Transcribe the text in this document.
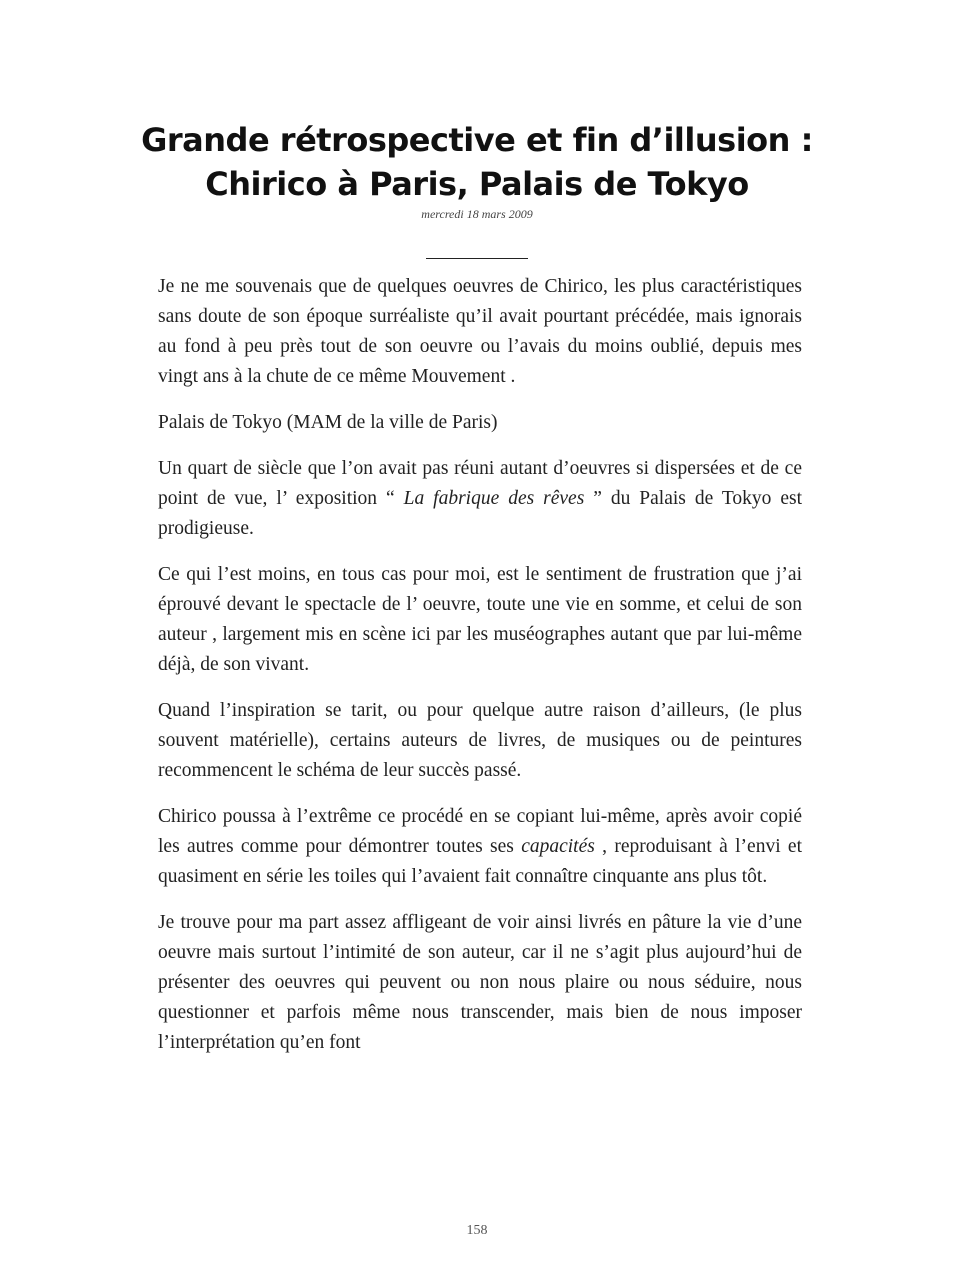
Grande rétrospective et fin d’illusion :
Chirico à Paris, Palais de Tokyo
mercredi 18 mars 2009

Je ne me souvenais que de quelques oeuvres de Chirico, les plus caractéristiques sans doute de son époque surréaliste qu’il avait pourtant précédée, mais ignorais au fond à peu près tout de son oeuvre ou l’avais du moins oublié, depuis mes vingt ans à la chute de ce même Mouvement .

Palais de Tokyo (MAM de la ville de Paris)

Un quart de siècle que l’on avait pas réuni autant d’oeuvres si dispersées et de ce point de vue, l’ exposition “ La fabrique des rêves ” du Palais de Tokyo est prodigieuse.

Ce qui l’est moins, en tous cas pour moi, est le sentiment de frustration que j’ai éprouvé devant le spectacle de l’ oeuvre, toute une vie en somme, et celui de son auteur , largement mis en scène ici par les muséographes autant que par lui-même déjà, de son vivant.

Quand l’inspiration se tarit, ou pour quelque autre raison d’ailleurs, (le plus souvent matérielle), certains auteurs de livres, de musiques ou de peintures recommencent le schéma de leur succès passé.

Chirico poussa à l’extrême ce procédé en se copiant lui-même, après avoir copié les autres comme pour démontrer toutes ses capacités , reproduisant à l’envi et quasiment en série les toiles qui l’avaient fait connaître cinquante ans plus tôt.

Je trouve pour ma part assez affligeant de voir ainsi livrés en pâture la vie d’une oeuvre mais surtout l’intimité de son auteur, car il ne s’agit plus aujourd’hui de présenter des oeuvres qui peuvent ou non nous plaire ou nous séduire, nous questionner et parfois même nous transcender, mais bien de nous imposer l’interprétation qu’en font

158
